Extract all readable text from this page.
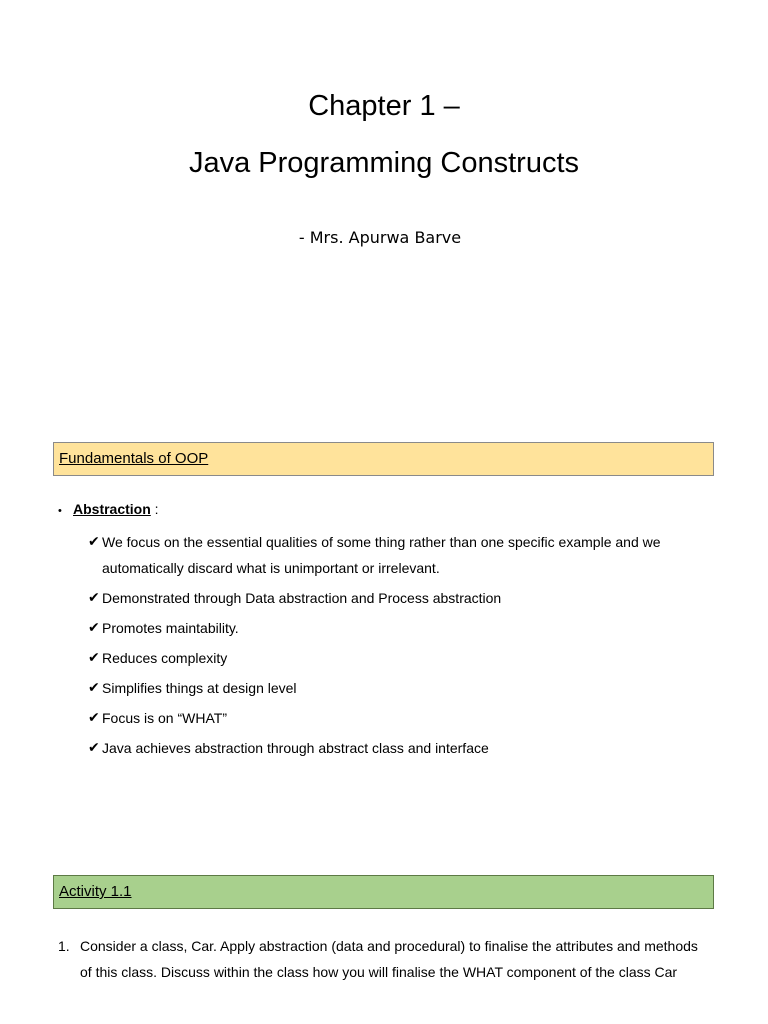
Chapter 1 –
Java Programming Constructs
- Mrs. Apurwa Barve
Fundamentals of OOP
• Abstraction :
✔ We focus on the essential qualities of some thing rather than one specific example and we automatically discard what is unimportant or irrelevant.
✔ Demonstrated through Data abstraction and Process abstraction
✔ Promotes maintability.
✔ Reduces complexity
✔ Simplifies things at design level
✔ Focus is on “WHAT”
✔ Java achieves abstraction through abstract class and interface
Activity 1.1
1. Consider a class, Car. Apply abstraction (data and procedural) to finalise the attributes and methods of this class. Discuss within the class how you will finalise the WHAT component of the class Car
